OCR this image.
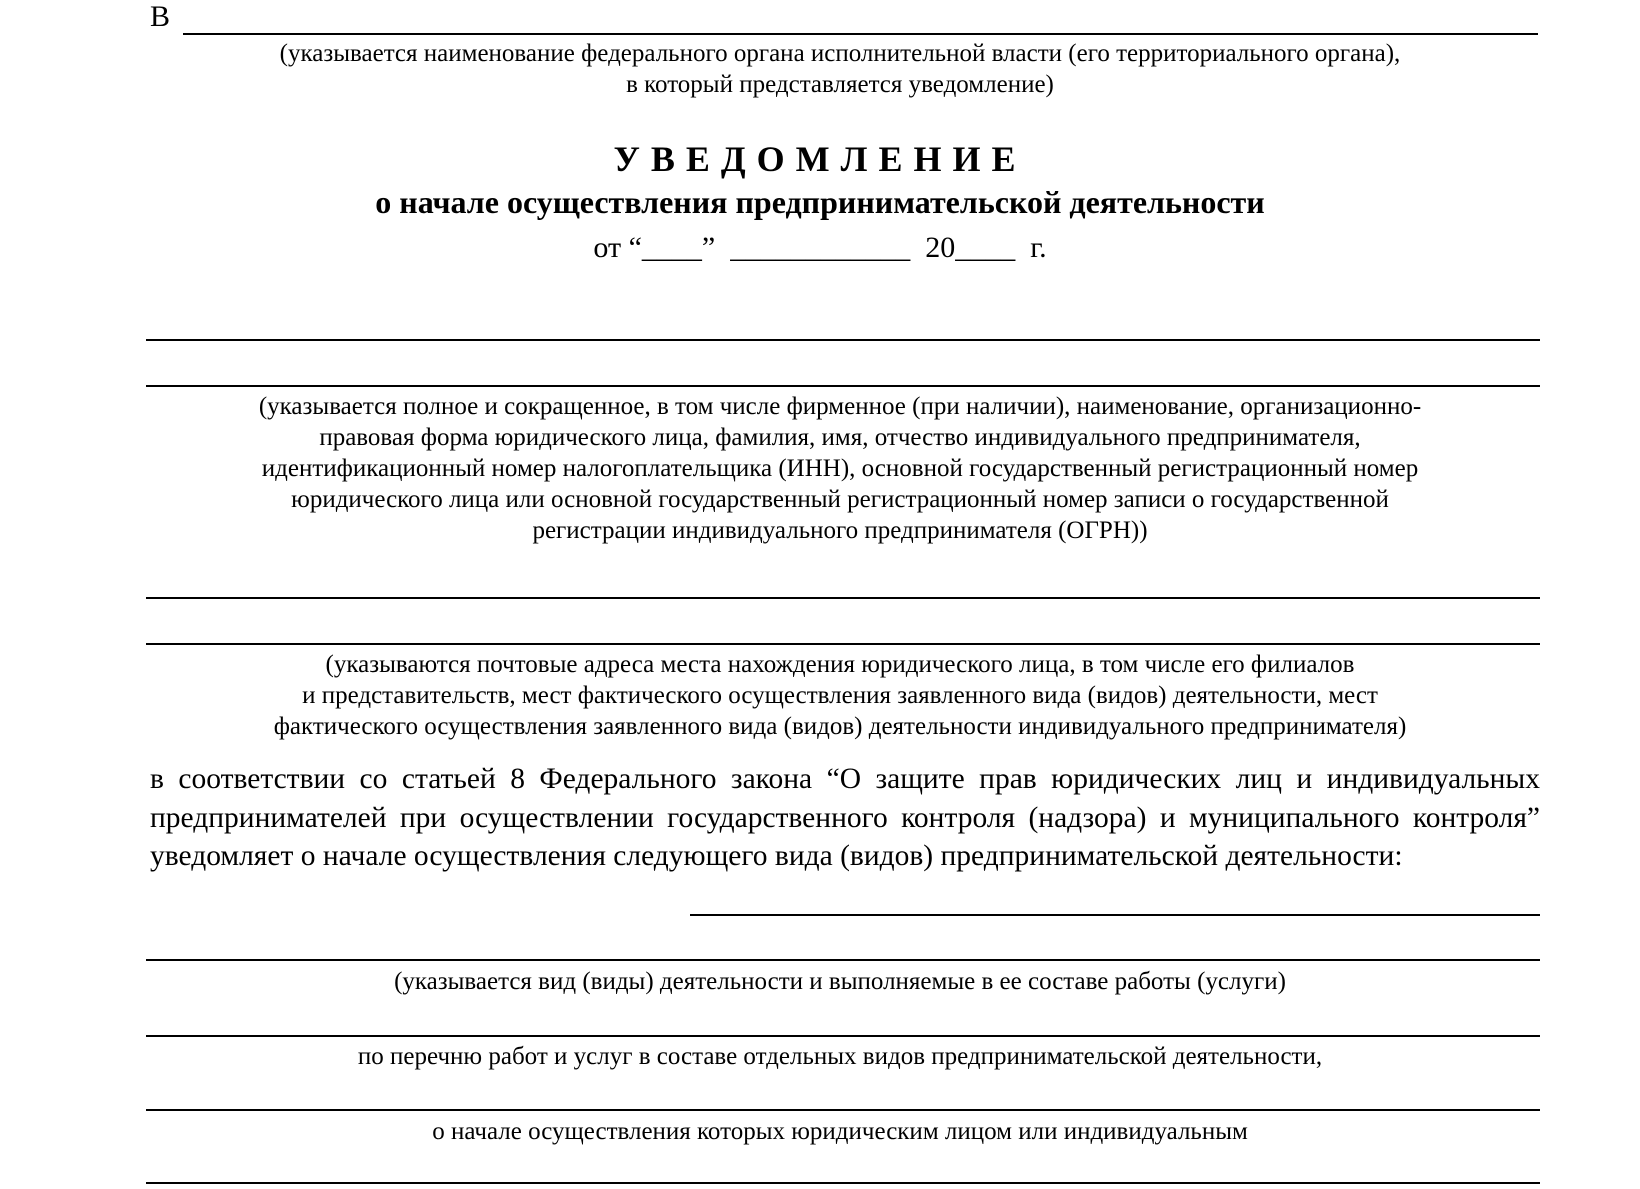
В
(указывается наименование федерального органа исполнительной власти (его территориального органа),
в который представляется уведомление)
УВЕДОМЛЕНИЕ
о начале осуществления предпринимательской деятельности
от “____”  ____________  20____  г.
(указывается полное и сокращенное, в том числе фирменное (при наличии), наименование, организационно-
правовая форма юридического лица, фамилия, имя, отчество индивидуального предпринимателя,
идентификационный номер налогоплательщика (ИНН), основной государственный регистрационный номер
юридического лица или основной государственный регистрационный номер записи о государственной
регистрации индивидуального предпринимателя (ОГРН))
(указываются почтовые адреса места нахождения юридического лица, в том числе его филиалов
и представительств, мест фактического осуществления заявленного вида (видов) деятельности, мест
фактического осуществления заявленного вида (видов) деятельности индивидуального предпринимателя)
в соответствии со статьей 8 Федерального закона “О защите прав юридических лиц и индивидуальных предпринимателей при осуществлении государственного контроля (надзора) и муниципального контроля” уведомляет о начале осуществления следующего вида (видов) предпринимательской деятельности:
(указывается вид (виды) деятельности и выполняемые в ее составе работы (услуги)
по перечню работ и услуг в составе отдельных видов предпринимательской деятельности,
о начале осуществления которых юридическим лицом или индивидуальным
